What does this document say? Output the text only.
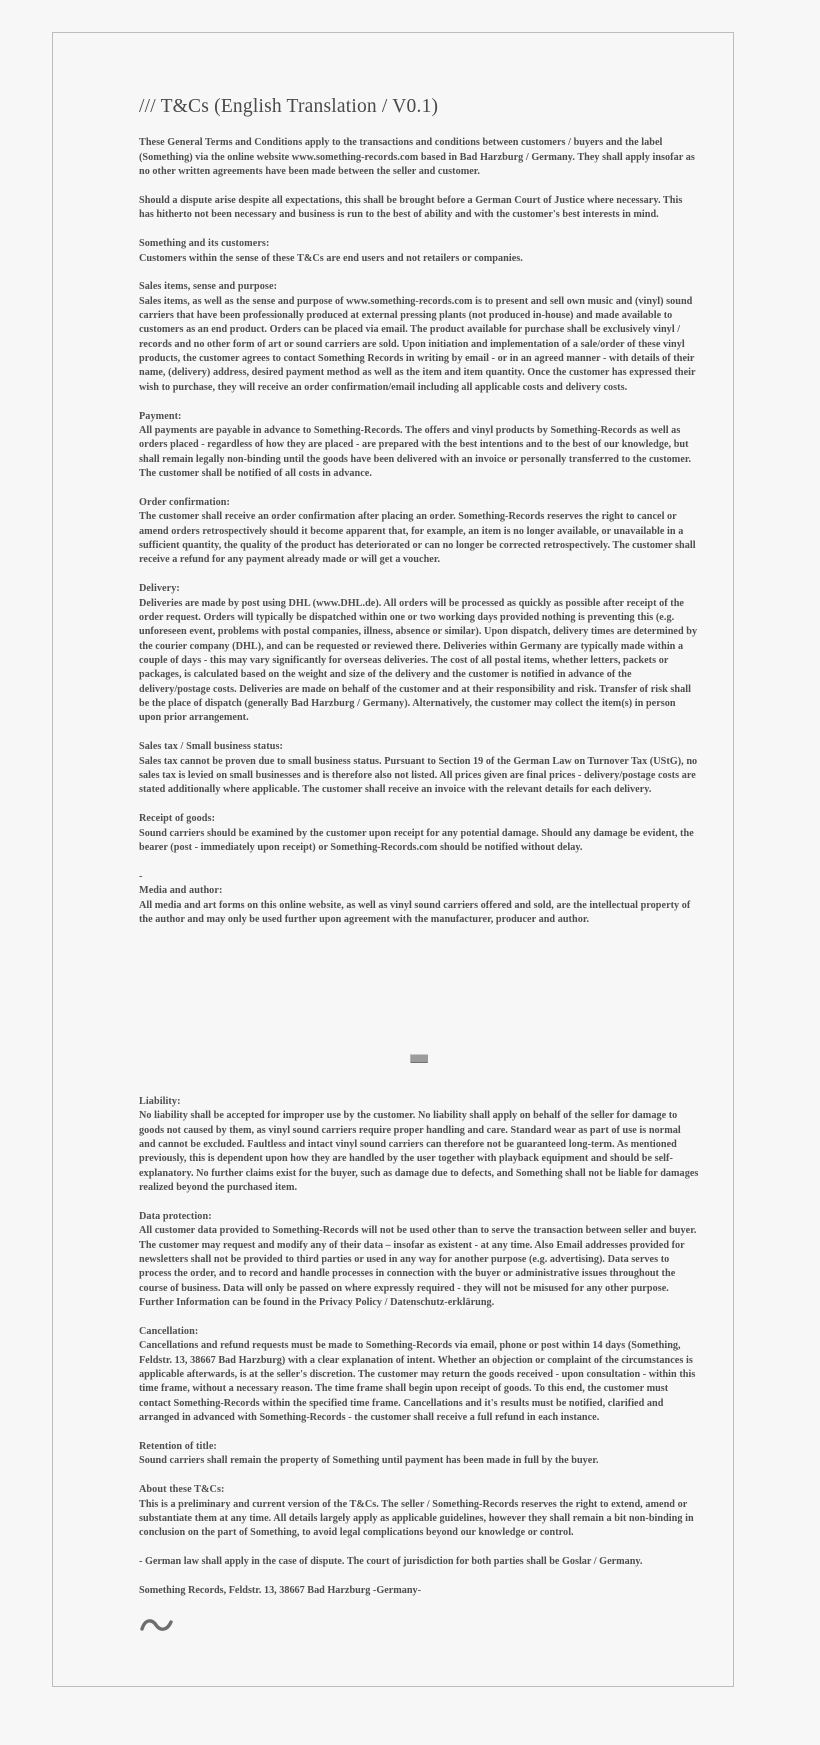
/// T&Cs (English Translation / V0.1)

These General Terms and Conditions apply to the transactions and conditions between customers / buyers and the label (Something) via the online website www.something-records.com based in Bad Harzburg / Germany. They shall apply insofar as no other written agreements have been made between the seller and customer.

Should a dispute arise despite all expectations, this shall be brought before a German Court of Justice where necessary. This has hitherto not been necessary and business is run to the best of ability and with the customer's best interests in mind.

Something and its customers:

Customers within the sense of these T&Cs are end users and not retailers or companies.

Sales items, sense and purpose:

Sales items, as well as the sense and purpose of www.something-records.com is to present and sell own music and (vinyl) sound carriers that have been professionally produced at external pressing plants (not produced in-house) and made available to customers as an end product. Orders can be placed via email. The product available for purchase shall be exclusively vinyl / records and no other form of art or sound carriers are sold. Upon initiation and implementation of a sale/order of these vinyl products, the customer agrees to contact Something Records in writing by email - or in an agreed manner - with details of their name, (delivery) address, desired payment method as well as the item and item quantity. Once the customer has expressed their wish to purchase, they will receive an order confirmation/email including all applicable costs and delivery costs.

Payment:

All payments are payable in advance to Something-Records. The offers and vinyl products by Something-Records as well as orders placed - regardless of how they are placed - are prepared with the best intentions and to the best of our knowledge, but shall remain legally non-binding until the goods have been delivered with an invoice or personally transferred to the customer. The customer shall be notified of all costs in advance.

Order confirmation:

The customer shall receive an order confirmation after placing an order. Something-Records reserves the right to cancel or amend orders retrospectively should it become apparent that, for example, an item is no longer available, or unavailable in a sufficient quantity, the quality of the product has deteriorated or can no longer be corrected retrospectively. The customer shall receive a refund for any payment already made or will get a voucher.

Delivery:

Deliveries are made by post using DHL (www.DHL.de). All orders will be processed as quickly as possible after receipt of the order request. Orders will typically be dispatched within one or two working days provided nothing is preventing this (e.g. unforeseen event, problems with postal companies, illness, absence or similar). Upon dispatch, delivery times are determined by the courier company (DHL), and can be requested or reviewed there. Deliveries within Germany are typically made within a couple of days - this may vary significantly for overseas deliveries. The cost of all postal items, whether letters, packets or packages, is calculated based on the weight and size of the delivery and the customer is notified in advance of the delivery/postage costs. Deliveries are made on behalf of the customer and at their responsibility and risk. Transfer of risk shall be the place of dispatch (generally Bad Harzburg / Germany). Alternatively, the customer may collect the item(s) in person upon prior arrangement.

Sales tax / Small business status:

Sales tax cannot be proven due to small business status. Pursuant to Section 19 of the German Law on Turnover Tax (UStG), no sales tax is levied on small businesses and is therefore also not listed. All prices given are final prices - delivery/postage costs are stated additionally where applicable. The customer shall receive an invoice with the relevant details for each delivery.

Receipt of goods:

Sound carriers should be examined by the customer upon receipt for any potential damage. Should any damage be evident, the bearer (post - immediately upon receipt) or Something-Records.com should be notified without delay.

-

Media and author:

All media and art forms on this online website, as well as vinyl sound carriers offered and sold, are the intellectual property of the author and may only be used further upon agreement with the manufacturer, producer and author.

Liability:

No liability shall be accepted for improper use by the customer. No liability shall apply on behalf of the seller for damage to goods not caused by them, as vinyl sound carriers require proper handling and care. Standard wear as part of use is normal and cannot be excluded. Faultless and intact vinyl sound carriers can therefore not be guaranteed long-term. As mentioned previously, this is dependent upon how they are handled by the user together with playback equipment and should be self-explanatory. No further claims exist for the buyer, such as damage due to defects, and Something shall not be liable for damages realized beyond the purchased item.

Data protection:

All customer data provided to Something-Records will not be used other than to serve the transaction between seller and buyer. The customer may request and modify any of their data – insofar as existent - at any time. Also Email addresses provided for newsletters shall not be provided to third parties or used in any way for another purpose (e.g. advertising). Data serves to process the order, and to record and handle processes in connection with the buyer or administrative issues throughout the course of business. Data will only be passed on where expressly required - they will not be misused for any other purpose. Further Information can be found in the Privacy Policy / Datenschutz-erklärung.

Cancellation:

Cancellations and refund requests must be made to Something-Records via email, phone or post within 14 days (Something, Feldstr. 13, 38667 Bad Harzburg) with a clear explanation of intent. Whether an objection or complaint of the circumstances is applicable afterwards, is at the seller's discretion. The customer may return the goods received - upon consultation - within this time frame, without a necessary reason. The time frame shall begin upon receipt of goods. To this end, the customer must contact Something-Records within the specified time frame. Cancellations and it's results must be notified, clarified and arranged in advanced with Something-Records - the customer shall receive a full refund in each instance.

Retention of title:

Sound carriers shall remain the property of Something until payment has been made in full by the buyer.

About these T&Cs:

This is a preliminary and current version of the T&Cs. The seller / Something-Records reserves the right to extend, amend or substantiate them at any time. All details largely apply as applicable guidelines, however they shall remain a bit non-binding in conclusion on the part of Something, to avoid legal complications beyond our knowledge or control.

- German law shall apply in the case of dispute. The court of jurisdiction for both parties shall be Goslar / Germany.

Something Records, Feldstr. 13, 38667 Bad Harzburg -Germany-
